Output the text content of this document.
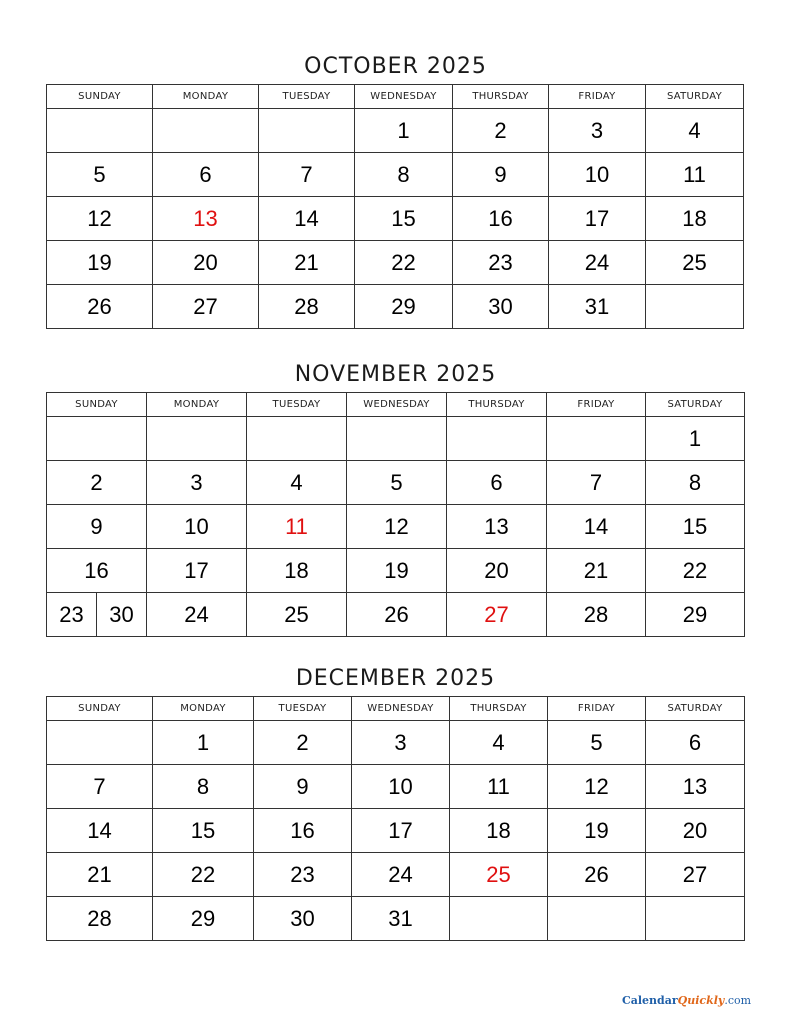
OCTOBER 2025
SUNDAY	MONDAY	TUESDAY	WEDNESDAY	THURSDAY	FRIDAY	SATURDAY
			1	2	3	4
5	6	7	8	9	10	11
12	13	14	15	16	17	18
19	20	21	22	23	24	25
26	27	28	29	30	31	
NOVEMBER 2025
SUNDAY	MONDAY	TUESDAY	WEDNESDAY	THURSDAY	FRIDAY	SATURDAY
						1
2	3	4	5	6	7	8
9	10	11	12	13	14	15
16	17	18	19	20	21	22

23 30	24	25	26	27	28	29
DECEMBER 2025
SUNDAY	MONDAY	TUESDAY	WEDNESDAY	THURSDAY	FRIDAY	SATURDAY
	1	2	3	4	5	6
7	8	9	10	11	12	13
14	15	16	17	18	19	20
21	22	23	24	25	26	27
28	29	30	31			
CalendarQuickly.com
